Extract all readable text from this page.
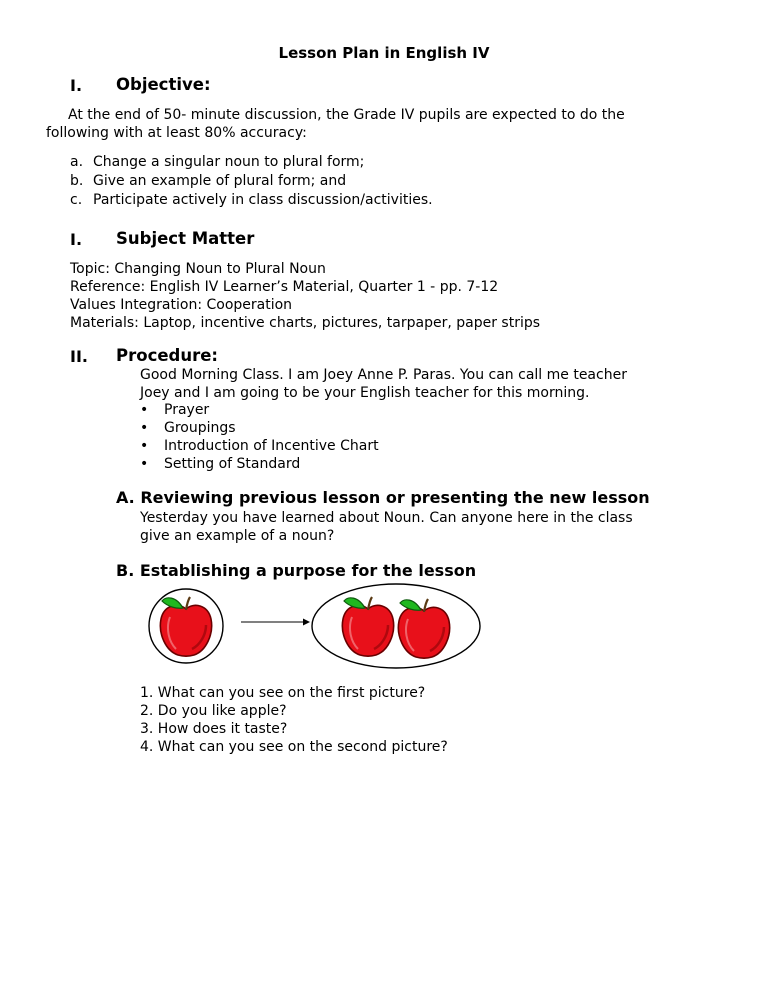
Lesson Plan in English IV
I. Objective:
At the end of 50- minute discussion, the Grade IV pupils are expected to do the
following with at least 80% accuracy:
a. Change a singular noun to plural form;
b. Give an example of plural form; and
c. Participate actively in class discussion/activities.
I. Subject Matter
Topic: Changing Noun to Plural Noun
Reference: English IV Learner’s Material, Quarter 1 - pp. 7-12
Values Integration: Cooperation
Materials: Laptop, incentive charts, pictures, tarpaper, paper strips
II. Procedure:
Good Morning Class. I am Joey Anne P. Paras. You can call me teacher
Joey and I am going to be your English teacher for this morning.
• Prayer
• Groupings
• Introduction of Incentive Chart
• Setting of Standard
A. Reviewing previous lesson or presenting the new lesson
Yesterday you have learned about Noun. Can anyone here in the class
give an example of a noun?
B. Establishing a purpose for the lesson
1. What can you see on the first picture?
2. Do you like apple?
3. How does it taste?
4. What can you see on the second picture?
